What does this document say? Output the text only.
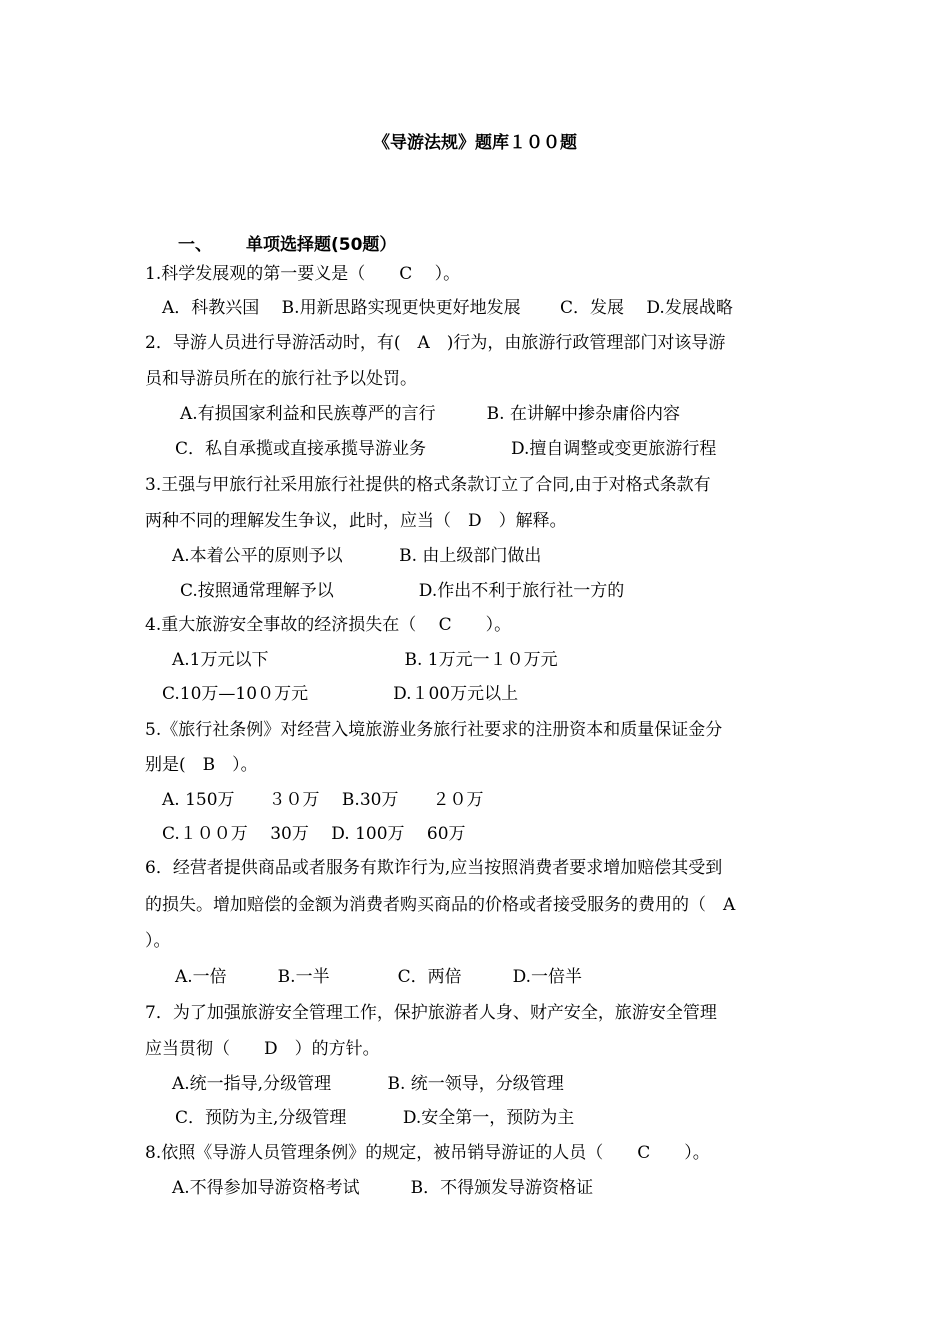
《导游法规》题库１００题
一、 单项选择题(50题）
1.科学发展观的第一要义是（　　C　 ）。
A．科教兴国　 B.用新思路实现更快更好地发展　　 C．发展　 D.发展战略
2．导游人员进行导游活动时，有(　A　)行为，由旅游行政管理部门对该导游
员和导游员所在的旅行社予以处罚。
A.有损国家利益和民族尊严的言行　　　B. 在讲解中掺杂庸俗内容
C．私自承揽或直接承揽导游业务　　　　　D.擅自调整或变更旅游行程
3.王强与甲旅行社采用旅行社提供的格式条款订立了合同,由于对格式条款有
两种不同的理解发生争议，此时，应当（　D　）解释。
A.本着公平的原则予以　　　 B. 由上级部门做出
C.按照通常理解予以　　　　　D.作出不利于旅行社一方的
4.重大旅游安全事故的经济损失在（　 C　　）。
A.1万元以下　　　　　　　　B. 1万元一１０万元
C.10万—10０万元　　　　　D.１00万元以上
5.《旅行社条例》对经营入境旅游业务旅行社要求的注册资本和质量保证金分
别是(　B　）。
A. 150万　　３０万　 B.30万　　２０万
C.１００万　 30万　 D. 100万　 60万
6．经营者提供商品或者服务有欺诈行为,应当按照消费者要求增加赔偿其受到
的损失。增加赔偿的金额为消费者购买商品的价格或者接受服务的费用的（　A
）。
A.一倍　　　B.一半　　　　C．两倍　　　D.一倍半
7．为了加强旅游安全管理工作，保护旅游者人身、财产安全，旅游安全管理
应当贯彻（　　D　）的方针。
A.统一指导,分级管理　　　 B. 统一领导，分级管理
C．预防为主,分级管理　　　 D.安全第一，预防为主
8.依照《导游人员管理条例》的规定，被吊销导游证的人员（　　C　　）。
A.不得参加导游资格考试　　　B．不得颁发导游资格证
